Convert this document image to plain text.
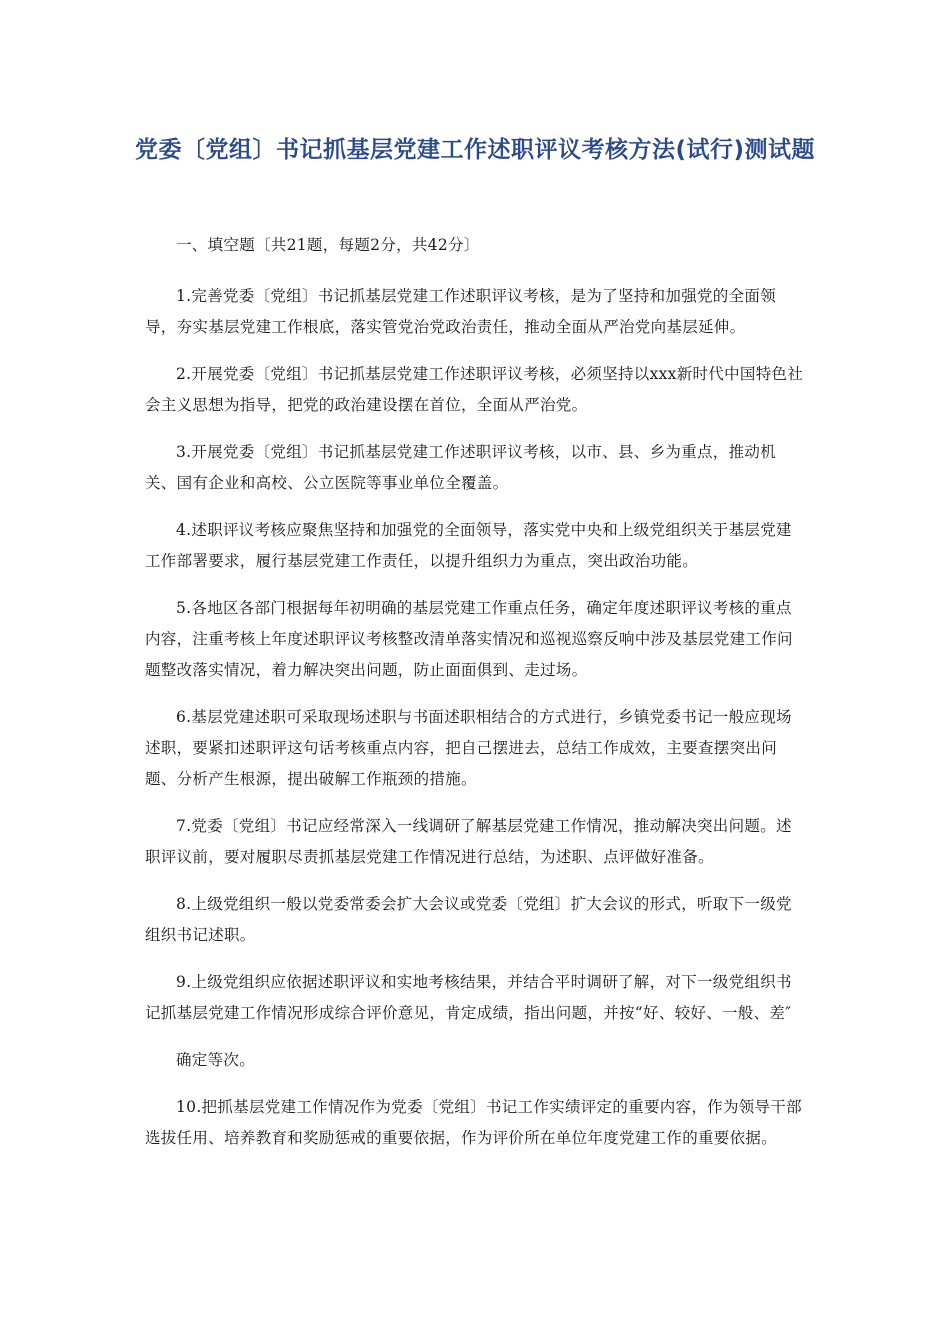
党委〔党组〕书记抓基层党建工作述职评议考核方法(试行)测试题

一、填空题〔共21题，每题2分，共42分〕

1.完善党委〔党组〕书记抓基层党建工作述职评议考核，是为了坚持和加强党的全面领导，夯实基层党建工作根底，落实管党治党政治责任，推动全面从严治党向基层延伸。

2.开展党委〔党组〕书记抓基层党建工作述职评议考核，必须坚持以xxx新时代中国特色社会主义思想为指导，把党的政治建设摆在首位，全面从严治党。

3.开展党委〔党组〕书记抓基层党建工作述职评议考核，以市、县、乡为重点，推动机关、国有企业和高校、公立医院等事业单位全覆盖。

4.述职评议考核应聚焦坚持和加强党的全面领导，落实党中央和上级党组织关于基层党建工作部署要求，履行基层党建工作责任，以提升组织力为重点，突出政治功能。

5.各地区各部门根据每年初明确的基层党建工作重点任务，确定年度述职评议考核的重点内容，注重考核上年度述职评议考核整改清单落实情况和巡视巡察反响中涉及基层党建工作问题整改落实情况，着力解决突出问题，防止面面俱到、走过场。

6.基层党建述职可采取现场述职与书面述职相结合的方式进行，乡镇党委书记一般应现场述职，要紧扣述职评这句话考核重点内容，把自己摆进去，总结工作成效，主要查摆突出问题、分析产生根源，提出破解工作瓶颈的措施。

7.党委〔党组〕书记应经常深入一线调研了解基层党建工作情况，推动解决突出问题。述职评议前，要对履职尽责抓基层党建工作情况进行总结，为述职、点评做好准备。

8.上级党组织一般以党委常委会扩大会议或党委〔党组〕扩大会议的形式，听取下一级党组织书记述职。

9.上级党组织应依据述职评议和实地考核结果，并结合平时调研了解，对下一级党组织书记抓基层党建工作情况形成综合评价意见，肯定成绩，指出问题，并按“好、较好、一般、差″

确定等次。

10.把抓基层党建工作情况作为党委〔党组〕书记工作实绩评定的重要内容，作为领导干部选拔任用、培养教育和奖励惩戒的重要依据，作为评价所在单位年度党建工作的重要依据。
